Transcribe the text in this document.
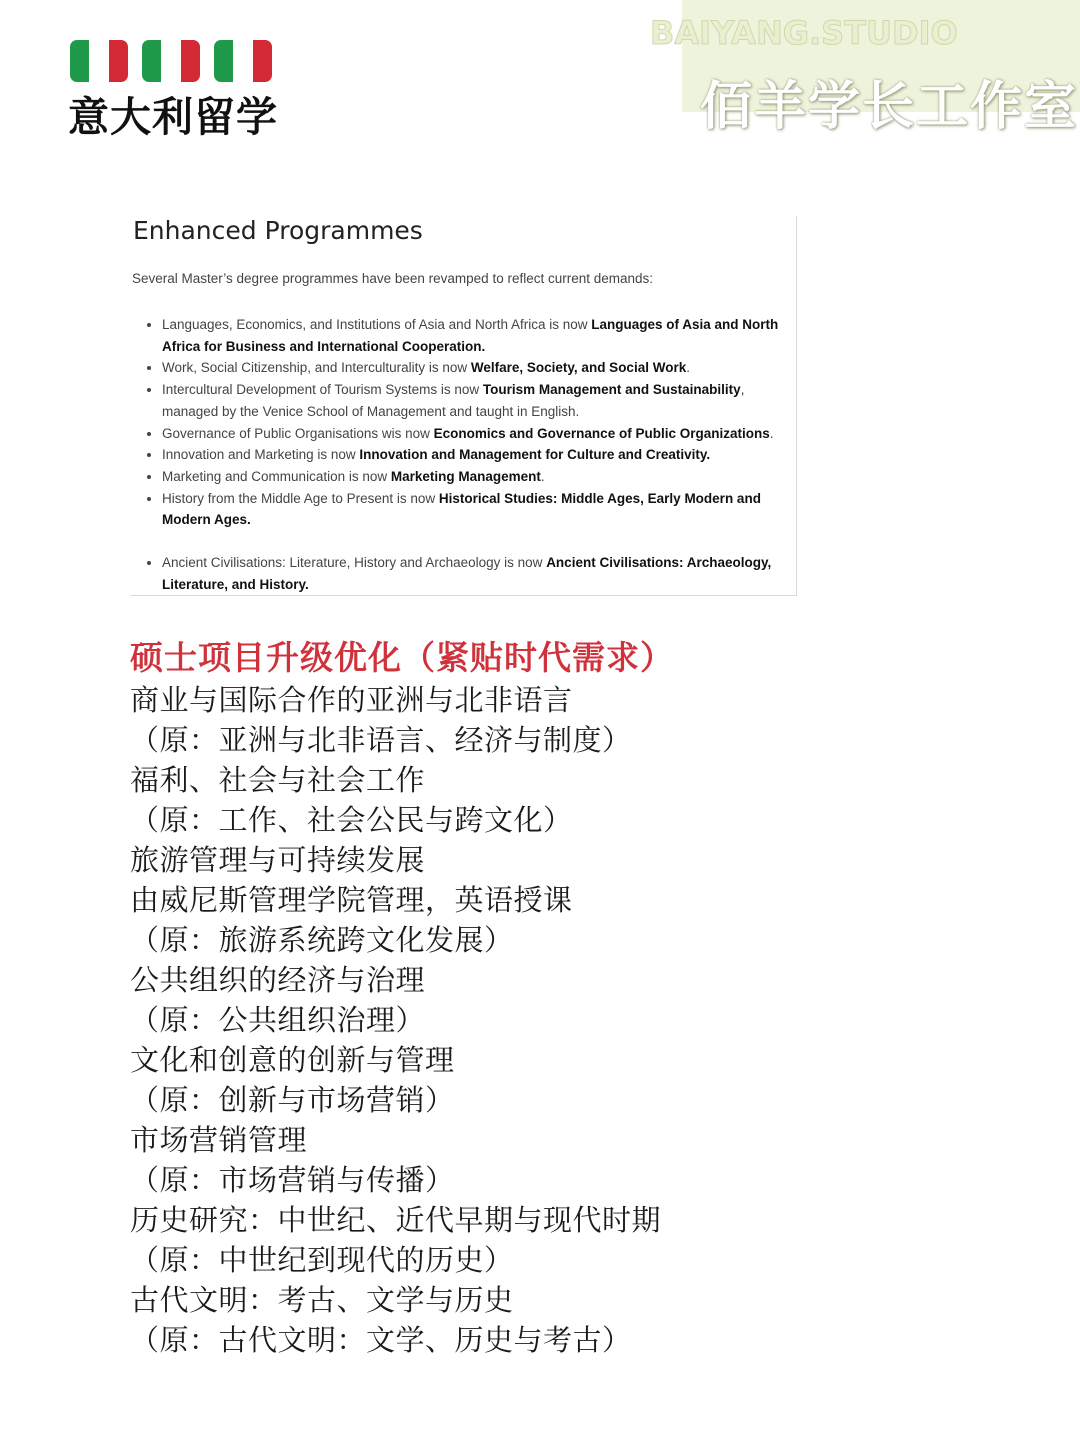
意大利留学
BAIYANG.STUDIO
佰羊学长工作室
Enhanced Programmes
Several Master’s degree programmes have been revamped to reflect current demands:
Languages, Economics, and Institutions of Asia and North Africa is now Languages of Asia and North Africa for Business and International Cooperation.
Work, Social Citizenship, and Interculturality is now Welfare, Society, and Social Work.
Intercultural Development of Tourism Systems is now Tourism Management and Sustainability, managed by the Venice School of Management and taught in English.
Governance of Public Organisations wis now Economics and Governance of Public Organizations.
Innovation and Marketing is now Innovation and Management for Culture and Creativity.
Marketing and Communication is now Marketing Management.
History from the Middle Age to Present is now Historical Studies: Middle Ages, Early Modern and Modern Ages.
Ancient Civilisations: Literature, History and Archaeology is now Ancient Civilisations: Archaeology, Literature, and History.
硕士项目升级优化（紧贴时代需求）
商业与国际合作的亚洲与北非语言
（原：亚洲与北非语言、经济与制度）
福利、社会与社会工作
（原：工作、社会公民与跨文化）
旅游管理与可持续发展
由威尼斯管理学院管理，英语授课
（原：旅游系统跨文化发展）
公共组织的经济与治理
（原：公共组织治理）
文化和创意的创新与管理
（原：创新与市场营销）
市场营销管理
（原：市场营销与传播）
历史研究：中世纪、近代早期与现代时期
（原：中世纪到现代的历史）
古代文明：考古、文学与历史
（原：古代文明：文学、历史与考古）
